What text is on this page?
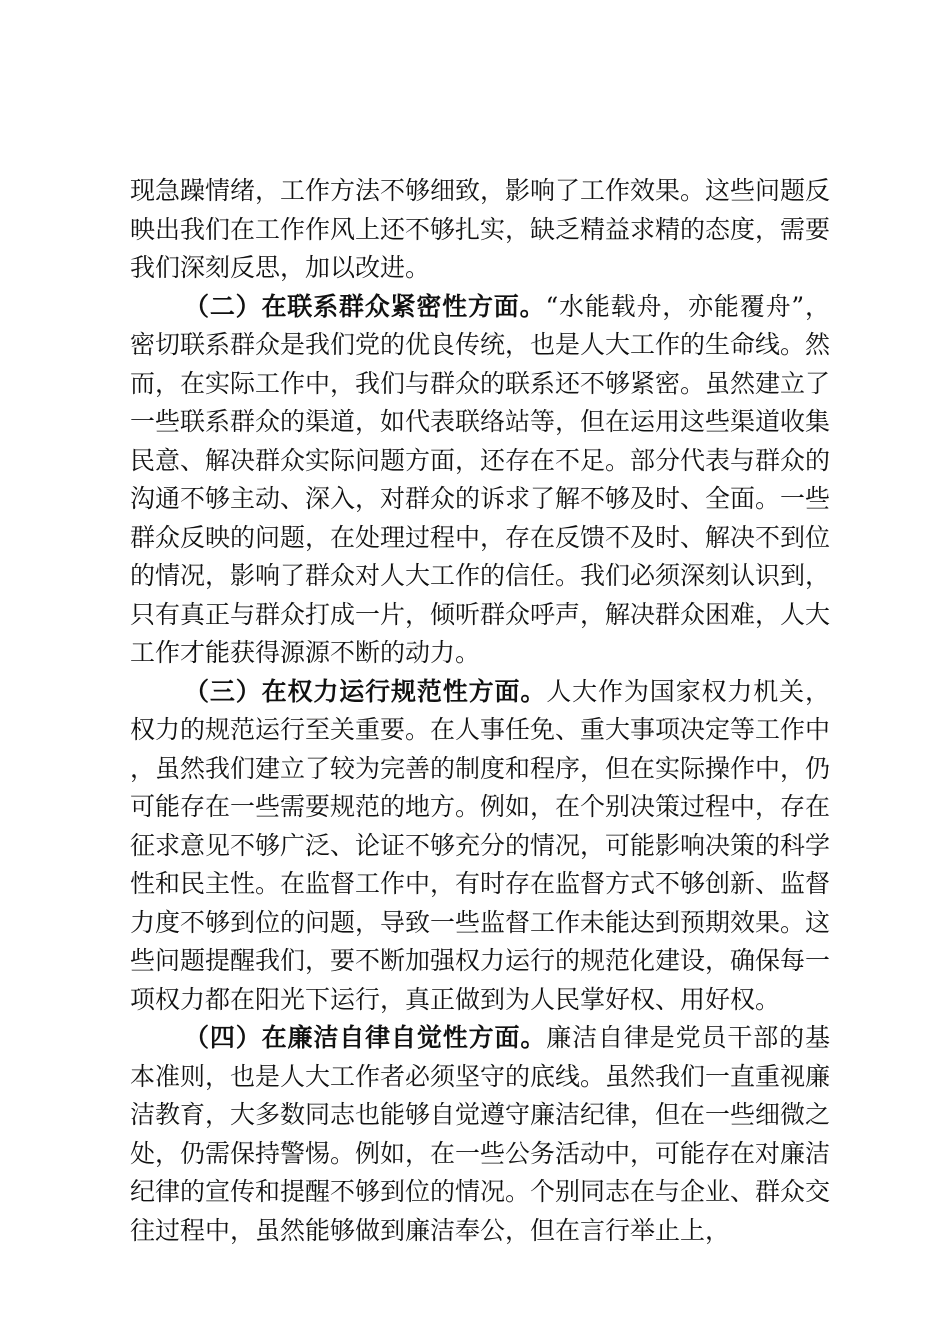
现急躁情绪，工作方法不够细致，影响了工作效果。这些问题反映出我们在工作作风上还不够扎实，缺乏精益求精的态度，需要我们深刻反思，加以改进。

（二）在联系群众紧密性方面。“水能载舟，亦能覆舟”，密切联系群众是我们党的优良传统，也是人大工作的生命线。然而，在实际工作中，我们与群众的联系还不够紧密。虽然建立了一些联系群众的渠道，如代表联络站等，但在运用这些渠道收集民意、解决群众实际问题方面，还存在不足。部分代表与群众的沟通不够主动、深入，对群众的诉求了解不够及时、全面。一些群众反映的问题，在处理过程中，存在反馈不及时、解决不到位的情况，影响了群众对人大工作的信任。我们必须深刻认识到，只有真正与群众打成一片，倾听群众呼声，解决群众困难，人大工作才能获得源源不断的动力。

（三）在权力运行规范性方面。人大作为国家权力机关，权力的规范运行至关重要。在人事任免、重大事项决定等工作中，虽然我们建立了较为完善的制度和程序，但在实际操作中，仍可能存在一些需要规范的地方。例如，在个别决策过程中，存在征求意见不够广泛、论证不够充分的情况，可能影响决策的科学性和民主性。在监督工作中，有时存在监督方式不够创新、监督力度不够到位的问题，导致一些监督工作未能达到预期效果。这些问题提醒我们，要不断加强权力运行的规范化建设，确保每一项权力都在阳光下运行，真正做到为人民掌好权、用好权。

（四）在廉洁自律自觉性方面。廉洁自律是党员干部的基本准则，也是人大工作者必须坚守的底线。虽然我们一直重视廉洁教育，大多数同志也能够自觉遵守廉洁纪律，但在一些细微之处，仍需保持警惕。例如，在一些公务活动中，可能存在对廉洁纪律的宣传和提醒不够到位的情况。个别同志在与企业、群众交往过程中，虽然能够做到廉洁奉公，但在言行举止上，
